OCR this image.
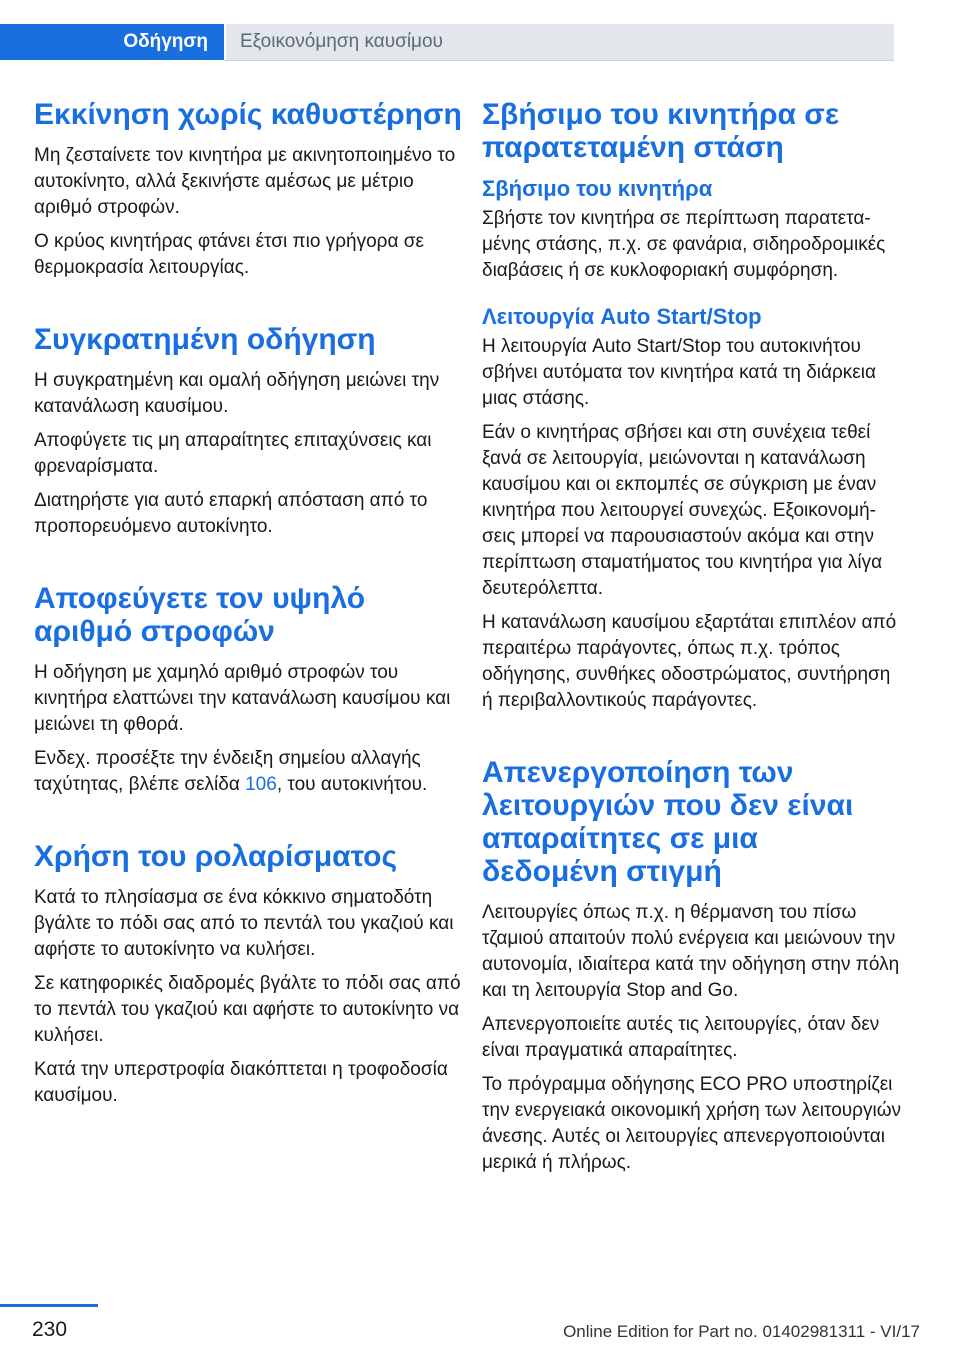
Οδήγηση	Εξοικονόμηση καυσίμου
Εκκίνηση χωρίς καθυστέρηση

Μη ζεσταίνετε τον κινητήρα με ακινητοποιημένο το αυτοκίνητο, αλλά ξεκινήστε αμέσως με μέτριο αριθμό στροφών.

Ο κρύος κινητήρας φτάνει έτσι πιο γρήγορα σε θερμοκρασία λειτουργίας.

Συγκρατημένη οδήγηση

Η συγκρατημένη και ομαλή οδήγηση μειώνει την κατανάλωση καυσίμου.

Αποφύγετε τις μη απαραίτητες επιταχύνσεις και φρεναρίσματα.

Διατηρήστε για αυτό επαρκή απόσταση από το προπορευόμενο αυτοκίνητο.

Αποφεύγετε τον υψηλό αριθμό στροφών

Η οδήγηση με χαμηλό αριθμό στροφών του κινητήρα ελαττώνει την κατανάλωση καυσίμου και μειώνει τη φθορά.

Ενδεχ. προσέξτε την ένδειξη σημείου αλλαγής ταχύτητας, βλέπε σελίδα 106, του αυτοκινήτου.

Χρήση του ρολαρίσματος

Κατά το πλησίασμα σε ένα κόκκινο σηματοδότη βγάλτε το πόδι σας από το πεντάλ του γκαζιού και αφήστε το αυτοκίνητο να κυλήσει.

Σε κατηφορικές διαδρομές βγάλτε το πόδι σας από το πεντάλ του γκαζιού και αφήστε το αυτοκίνητο να κυλήσει.

Κατά την υπερστροφία διακόπτεται η τροφοδοσία καυσίμου.

Σβήσιμο του κινητήρα σε παρατεταμένη στάση
Σβήσιμο του κινητήρα

Σβήστε τον κινητήρα σε περίπτωση παρατεταμένης στάσης, π.χ. σε φανάρια, σιδηροδρομικές διαβάσεις ή σε κυκλοφοριακή συμφόρηση.

Λειτουργία Auto Start/Stop

Η λειτουργία Auto Start/Stop του αυτοκινήτου σβήνει αυτόματα τον κινητήρα κατά τη διάρκεια μιας στάσης.

Εάν ο κινητήρας σβήσει και στη συνέχεια τεθεί ξανά σε λειτουργία, μειώνονται η κατανάλωση καυσίμου και οι εκπομπές σε σύγκριση με έναν κινητήρα που λειτουργεί συνεχώς. Εξοικονομήσεις μπορεί να παρουσιαστούν ακόμα και στην περίπτωση σταματήματος του κινητήρα για λίγα δευτερόλεπτα.

Η κατανάλωση καυσίμου εξαρτάται επιπλέον από περαιτέρω παράγοντες, όπως π.χ. τρόπος οδήγησης, συνθήκες οδοστρώματος, συντήρηση ή περιβαλλοντικούς παράγοντες.

Απενεργοποίηση των λειτουργιών που δεν είναι απαραίτητες σε μια δεδομένη στιγμή

Λειτουργίες όπως π.χ. η θέρμανση του πίσω τζαμιού απαιτούν πολύ ενέργεια και μειώνουν την αυτονομία, ιδιαίτερα κατά την οδήγηση στην πόλη και τη λειτουργία Stop and Go.

Απενεργοποιείτε αυτές τις λειτουργίες, όταν δεν είναι πραγματικά απαραίτητες.

Το πρόγραμμα οδήγησης ECO PRO υποστηρίζει την ενεργειακά οικονομική χρήση των λειτουργιών άνεσης. Αυτές οι λειτουργίες απενεργοποιούνται μερικά ή πλήρως.

230	Online Edition for Part no. 01402981311 - VI/17
